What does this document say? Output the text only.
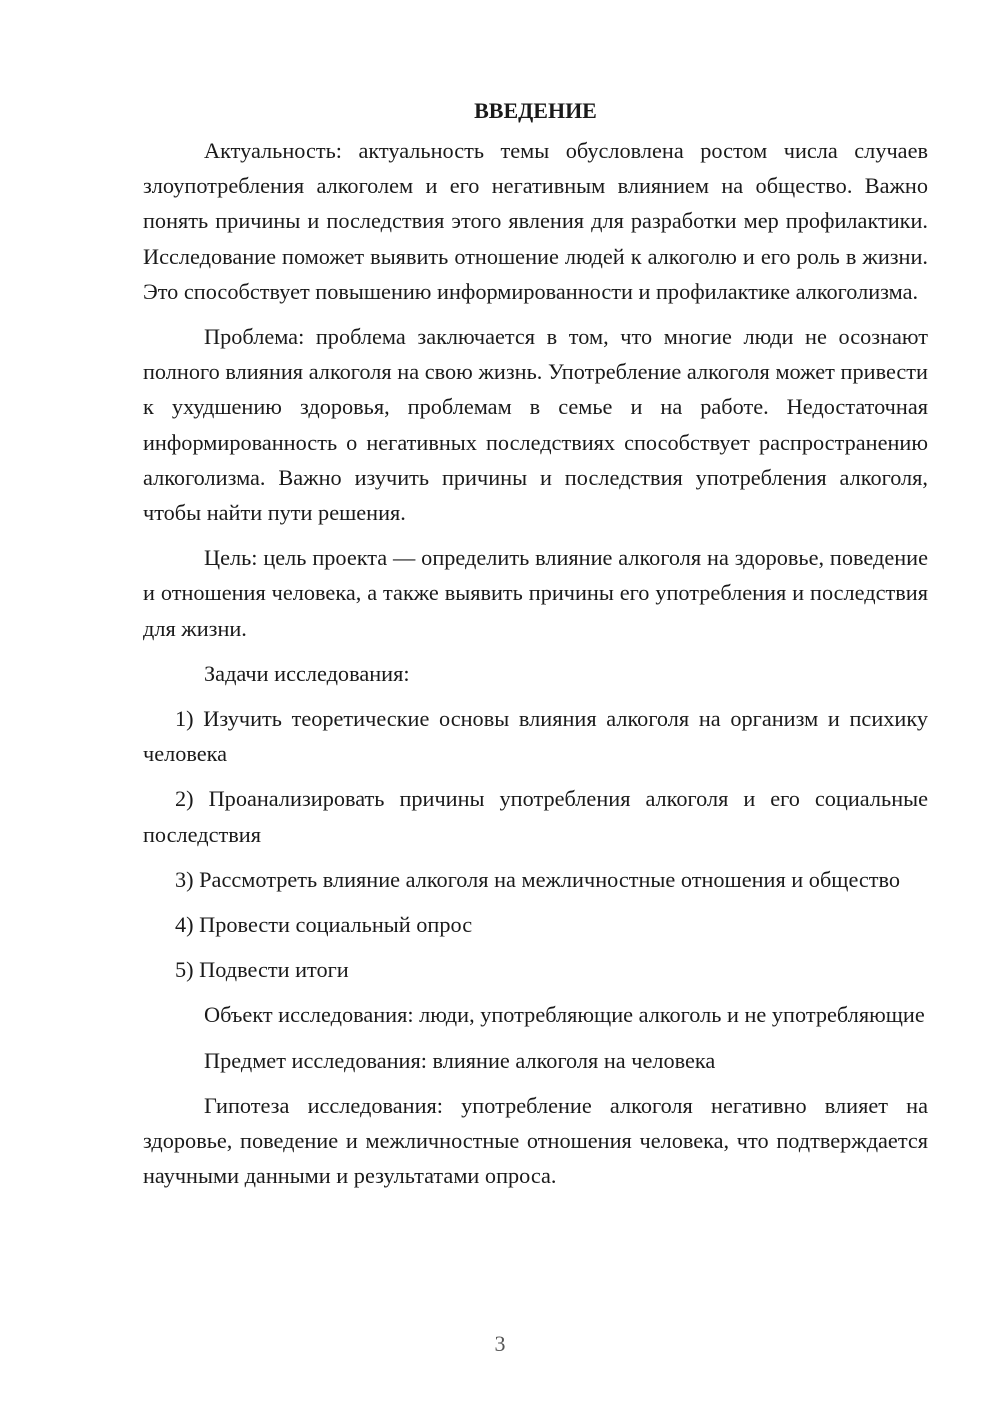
ВВЕДЕНИЕ

Актуальность: актуальность темы обусловлена ростом числа случаев злоупотребления алкоголем и его негативным влиянием на общество. Важно понять причины и последствия этого явления для разработки мер профилактики. Исследование поможет выявить отношение людей к алкоголю и его роль в жизни. Это способствует повышению информированности и профилактике алкоголизма.

Проблема: проблема заключается в том, что многие люди не осознают полного влияния алкоголя на свою жизнь. Употребление алкоголя может привести к ухудшению здоровья, проблемам в семье и на работе. Недостаточная информированность о негативных последствиях способствует распространению алкоголизма. Важно изучить причины и последствия употребления алкоголя, чтобы найти пути решения.

Цель: цель проекта — определить влияние алкоголя на здоровье, поведение и отношения человека, а также выявить причины его употребления и последствия для жизни.

Задачи исследования:

1) Изучить теоретические основы влияния алкоголя на организм и психику человека

2) Проанализировать причины употребления алкоголя и его социальные последствия

3) Рассмотреть влияние алкоголя на межличностные отношения и общество

4) Провести социальный опрос

5) Подвести итоги

Объект исследования: люди, употребляющие алкоголь и не употребляющие

Предмет исследования: влияние алкоголя на человека

Гипотеза исследования: употребление алкоголя негативно влияет на здоровье, поведение и межличностные отношения человека, что подтверждается научными данными и результатами опроса.

3
